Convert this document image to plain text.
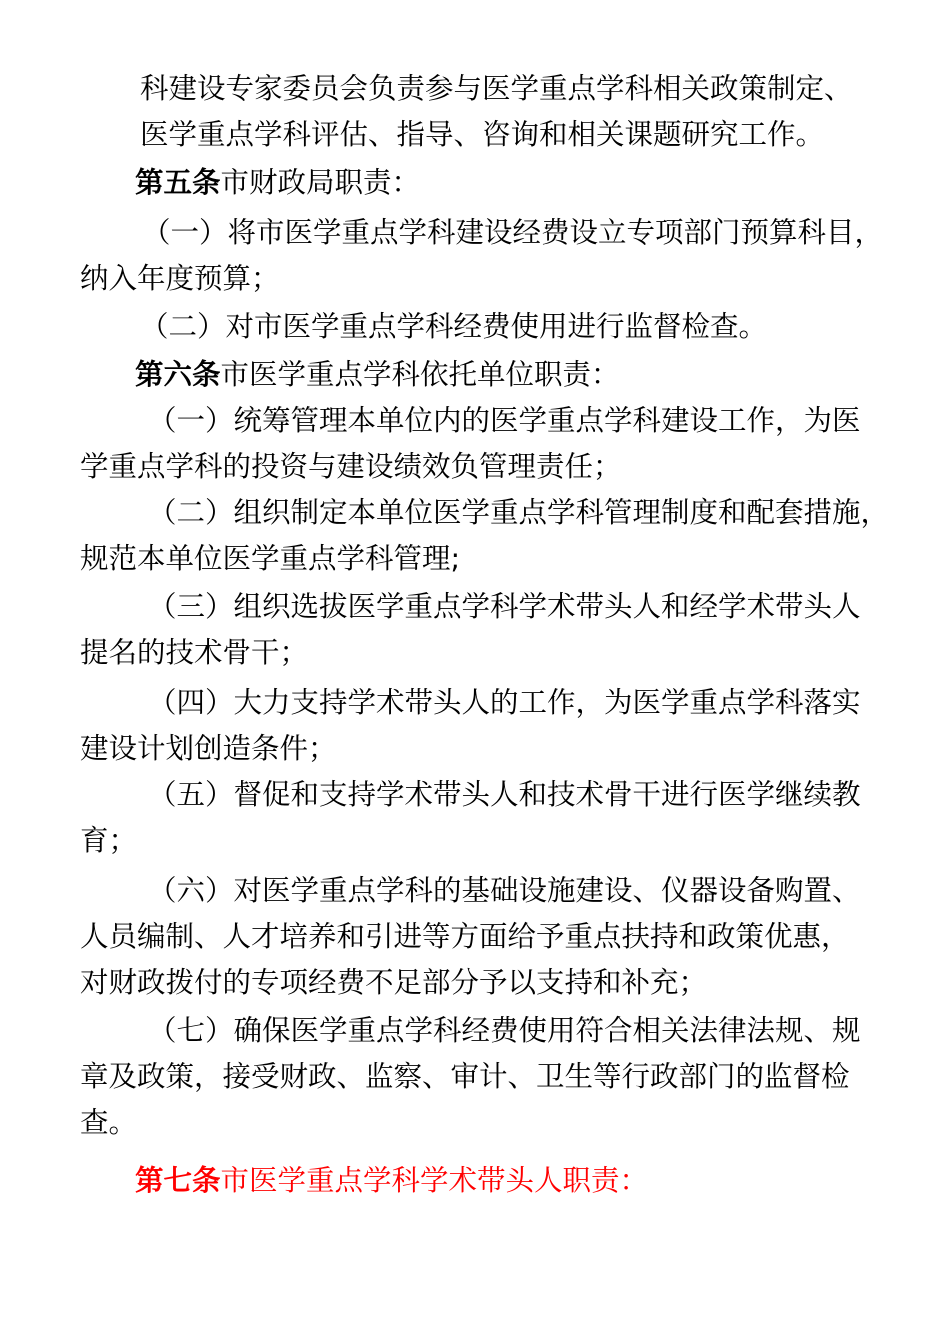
科建设专家委员会负责参与医学重点学科相关政策制定、
医学重点学科评估、指导、咨询和相关课题研究工作。

第五条市财政局职责：

（一）将市医学重点学科建设经费设立专项部门预算科目，
纳入年度预算；

（二）对市医学重点学科经费使用进行监督检查。

第六条市医学重点学科依托单位职责：

（一）统筹管理本单位内的医学重点学科建设工作，为医
学重点学科的投资与建设绩效负管理责任；

（二）组织制定本单位医学重点学科管理制度和配套措施，
规范本单位医学重点学科管理;

（三）组织选拔医学重点学科学术带头人和经学术带头人
提名的技术骨干；

（四）大力支持学术带头人的工作，为医学重点学科落实
建设计划创造条件；

（五）督促和支持学术带头人和技术骨干进行医学继续教
育；

（六）对医学重点学科的基础设施建设、仪器设备购置、
人员编制、人才培养和引进等方面给予重点扶持和政策优惠，
对财政拨付的专项经费不足部分予以支持和补充；

（七）确保医学重点学科经费使用符合相关法律法规、规
章及政策，接受财政、监察、审计、卫生等行政部门的监督检
查。

第七条市医学重点学科学术带头人职责：
